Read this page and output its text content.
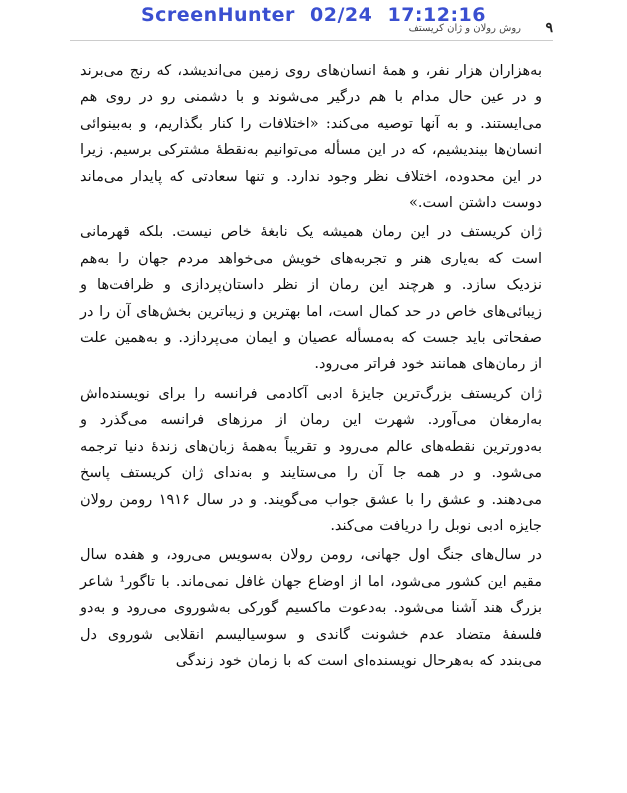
ScreenHunter 02/24 17:12:16
٩
روش رولان و ژان کریستف

به‌هزاران هزار نفر، و همهٔ انسان‌های روی زمین می‌اندیشد، که رنج می‌برند و در عین حال مدام با هم درگیر می‌شوند و با دشمنی رو در روی هم می‌ایستند. و به آنها توصیه می‌کند: «اختلافات را کنار بگذاریم، و به‌بینوائی انسان‌ها بیندیشیم، که در این مسأله می‌توانیم به‌نقطهٔ مشترکی برسیم. زیرا در این محدوده، اختلاف نظر وجود ندارد. و تنها سعادتی که پایدار می‌ماند دوست داشتن است.»

ژان کریستف در این رمان همیشه یک نابغهٔ خاص نیست. بلکه قهرمانی است که به‌یاری هنر و تجربه‌های خویش می‌خواهد مردم جهان را به‌هم نزدیک سازد. و هرچند این رمان از نظر داستان‌پردازی و ظرافت‌ها و زیبائی‌های خاص در حد کمال است، اما بهترین و زیباترین بخش‌های آن را در صفحاتی باید جست که به‌مسأله عصیان و ایمان می‌پردازد. و به‌همین علت از رمان‌های همانند خود فراتر می‌رود.

ژان کریستف بزرگ‌ترین جایزهٔ ادبی آکادمی فرانسه را برای نویسنده‌اش به‌ارمغان می‌آورد. شهرت این رمان از مرزهای فرانسه می‌گذرد و به‌دورترین نقطه‌های عالم می‌رود و تقریباً به‌همهٔ زبان‌های زندهٔ دنیا ترجمه می‌شود. و در همه جا آن را می‌ستایند و به‌ندای ژان کریستف پاسخ می‌دهند. و عشق را با عشق جواب می‌گویند. و در سال ۱۹۱۶ رومن رولان جایزه ادبی نوبل را دریافت می‌کند.

در سال‌های جنگ اول جهانی، رومن رولان به‌سویس می‌رود، و هفده سال مقیم این کشور می‌شود، اما از اوضاع جهان غافل نمی‌ماند. با تاگور¹ شاعر بزرگ هند آشنا می‌شود. به‌دعوت ماکسیم گورکی به‌شوروی می‌رود و به‌دو فلسفهٔ متضاد عدم خشونت گاندی و سوسیالیسم انقلابی شوروی دل می‌بندد که به‌هرحال نویسنده‌ای است که با زمان خود زندگی
